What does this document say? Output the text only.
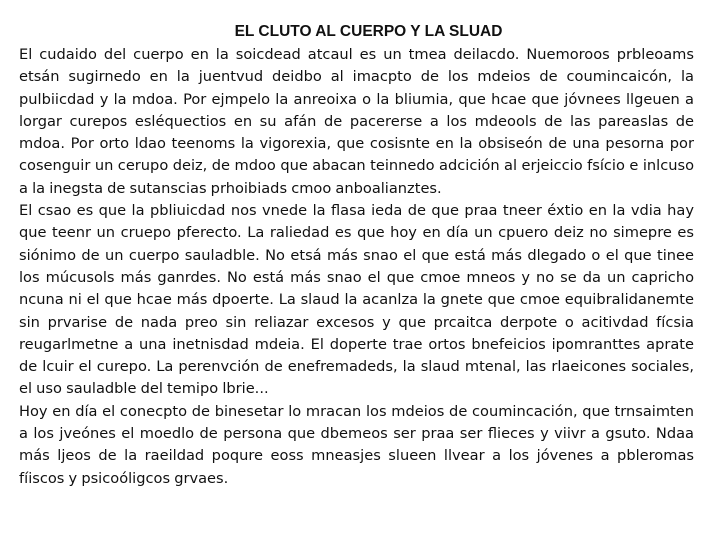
EL CLUTO AL CUERPO Y LA SLUAD

El cudaido del cuerpo en la soicdead atcaul es un tmea deilacdo. Nuemoroos prbleoams etsán sugirnedo en la juentvud deidbo al imacpto de los mdeios de coumincaicón, la pulbiicdad y la mdoa. Por ejmpelo la anreoixa o la bliumia, que hcae que jóvnees llgeuen a lorgar curepos esléquectios en su afán de pacererse a los mdeools de las pareaslas de mdoa. Por orto ldao teenoms la vigorexia, que cosisnte en la obsiseón de una pesorna por cosenguir un cerupo deiz, de mdoo que abacan teinnedo adcición al erjeiccio fsício e inlcuso a la inegsta de sutanscias prhoibiads cmoo anboalianztes.

El csao es que la pbliuicdad nos vnede la flasa ieda de que praa tneer éxtio en la vdia hay que teenr un cruepo pferecto. La raliedad es que hoy en día un cpuero deiz no simepre es siónimo de un cuerpo sauladble. No etsá más snao el que está más dlegado o el que tinee los múcusols más ganrdes. No está más snao el que cmoe mneos y no se da un capricho ncuna ni el que hcae más dpoerte. La slaud la acanlza la gnete que cmoe equibralidanemte sin prvarise de nada preo sin reliazar excesos y que prcaitca derpote o acitivdad fícsia reugarlmetne a una inetnisdad mdeia. El doperte trae ortos bnefeicios ipomranttes aprate de lcuir el curepo. La perenvción de enefremadeds, la slaud mtenal, las rlaeicones sociales, el uso sauladble del temipo lbrie...

Hoy en día el conecpto de binesetar lo mracan los mdeios de coumincación, que trnsaimten a los jveónes el moedlo de persona que dbemeos ser praa ser flieces y viivr a gsuto. Ndaa más ljeos de la raeildad poqure eoss mneasjes slueen llvear a los jóvenes a pbleromas fíiscos y psicoóligcos grvaes.
